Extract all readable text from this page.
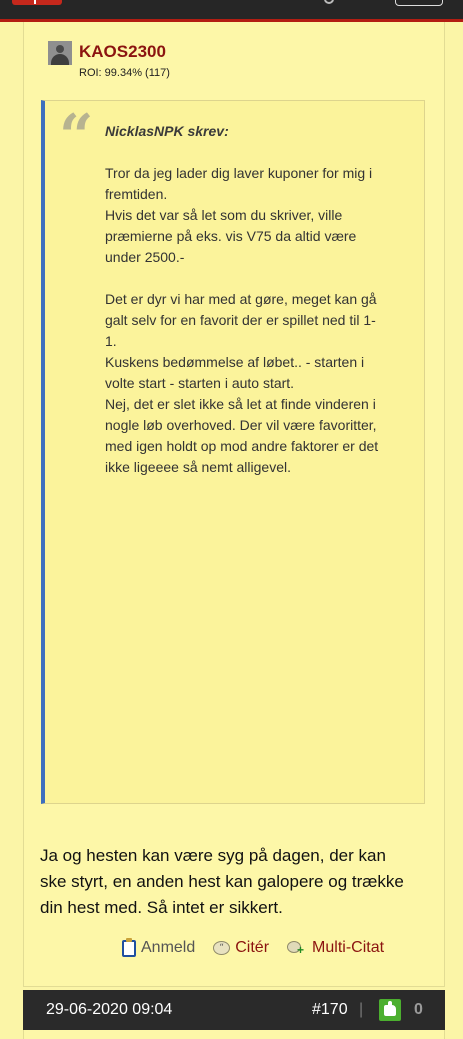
KAOS2300
ROI: 99.34% (117)
“ NicklasNPK skrev:

Tror da jeg lader dig laver kuponer for mig i
fremtiden.
Hvis det var så let som du skriver, ville
præmierne på eks. vis V75 da altid være
under 2500.-

Det er dyr vi har med at gøre, meget kan gå
galt selv for en favorit der er spillet ned til 1-
1.
Kuskens bedømmelse af løbet.. - starten i
volte start - starten i auto start.
Nej, det er slet ikke så let at finde vinderen i
nogle løb overhoved. Der vil være favoritter,
med igen holdt op mod andre faktorer er det
ikke ligeeee så nemt alligevel.

Ja og hesten kan være syg på dagen, der kan
ske styrt, en anden hest kan galopere og trække
din hest med. Så intet er sikkert.
Anmeld	“ Citér + Multi-Citat
29-06-2020 09:04	#170 |	0
